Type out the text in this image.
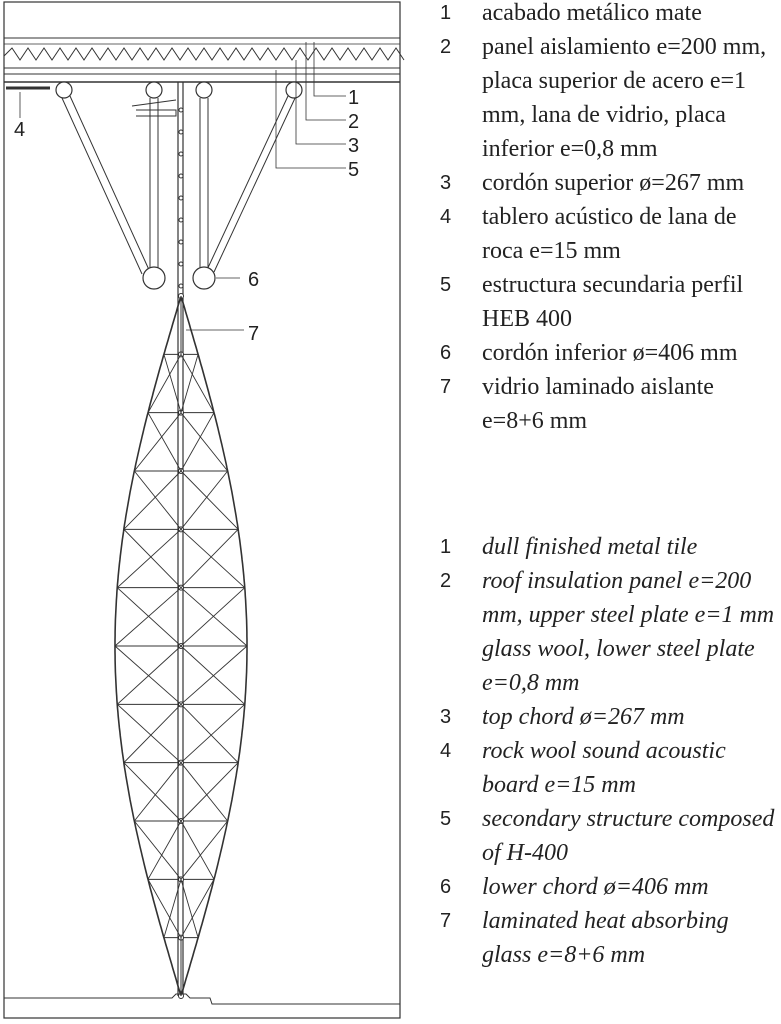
1
2
3
4
5
6
7
1	acabado metálico mate
2	panel aislamiento e=200 mm, placa superior de acero e=1 mm, lana de vidrio, placa inferior e=0,8 mm
3	cordón superior ø=267 mm
4	tablero acústico de lana de roca e=15 mm
5	estructura secundaria perfil HEB 400
6	cordón inferior ø=406 mm
7	vidrio laminado aislante e=8+6 mm
1	dull finished metal tile
2	roof insulation panel e=200 mm, upper steel plate e=1 mm glass wool, lower steel plate e=0,8 mm
3	top chord ø=267 mm
4	rock wool sound acoustic board e=15 mm
5	secondary structure composed of H-400
6	lower chord ø=406 mm
7	laminated heat absorbing glass e=8+6 mm
